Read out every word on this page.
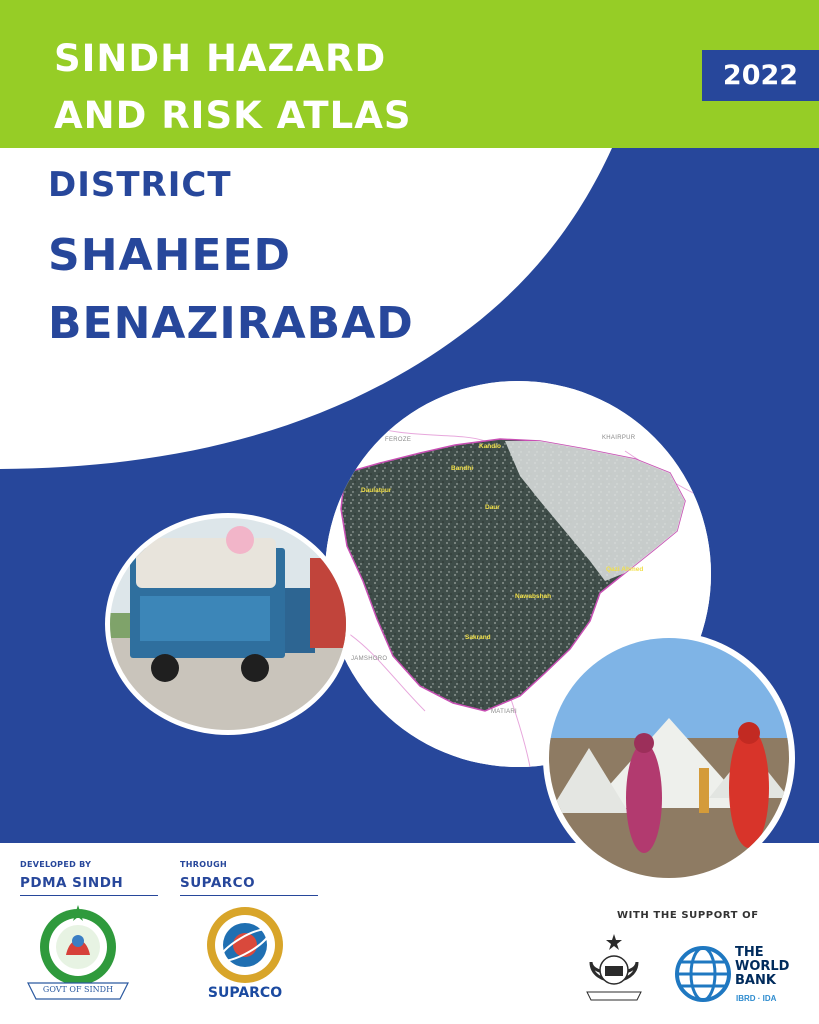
SINDH HAZARD
AND RISK ATLAS
2022
DISTRICT
SHAHEED
BENAZIRABAD
FEROZE	KHAIRPUR
JAMSHORO
MATIARI
Kandio
Daulatpur
Daur
Bandhi
Qazi Ahmed
Nawabshah
Sakrand
DEVELOPED BY
PDMA SINDH
THROUGH
SUPARCO
WITH THE SUPPORT OF
GOVT OF SINDH	SUPARCO
THE WORLD BANK
IBRD · IDA
